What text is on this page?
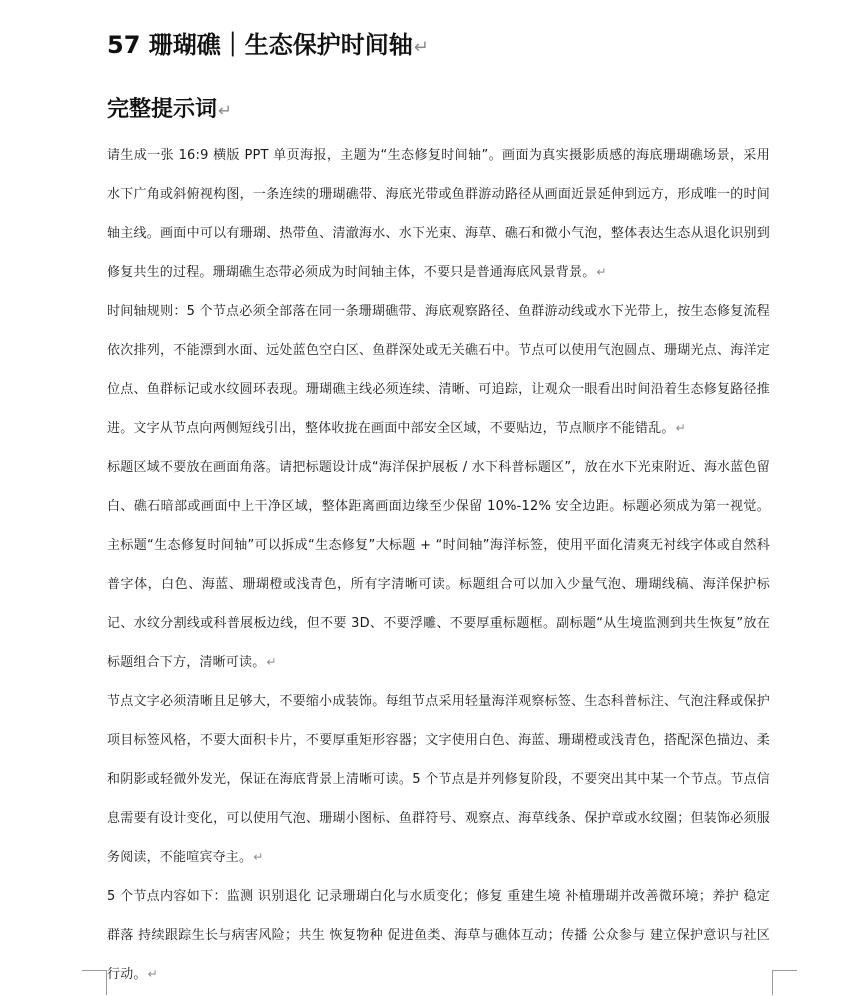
57 珊瑚礁｜生态保护时间轴↵
完整提示词↵
请生成一张 16:9 横版 PPT 单页海报，主题为“生态修复时间轴”。画面为真实摄影质感的海底珊瑚礁场景，采用水下广角或斜俯视构图，一条连续的珊瑚礁带、海底光带或鱼群游动路径从画面近景延伸到远方，形成唯一的时间轴主线。画面中可以有珊瑚、热带鱼、清澈海水、水下光束、海草、礁石和微小气泡，整体表达生态从退化识别到修复共生的过程。珊瑚礁生态带必须成为时间轴主体，不要只是普通海底风景背景。↵
时间轴规则：5 个节点必须全部落在同一条珊瑚礁带、海底观察路径、鱼群游动线或水下光带上，按生态修复流程依次排列，不能漂到水面、远处蓝色空白区、鱼群深处或无关礁石中。节点可以使用气泡圆点、珊瑚光点、海洋定位点、鱼群标记或水纹圆环表现。珊瑚礁主线必须连续、清晰、可追踪，让观众一眼看出时间沿着生态修复路径推进。文字从节点向两侧短线引出，整体收拢在画面中部安全区域，不要贴边，节点顺序不能错乱。↵
标题区域不要放在画面角落。请把标题设计成“海洋保护展板 / 水下科普标题区”，放在水下光束附近、海水蓝色留白、礁石暗部或画面中上干净区域，整体距离画面边缘至少保留 10%-12% 安全边距。标题必须成为第一视觉。主标题“生态修复时间轴”可以拆成“生态修复”大标题 + “时间轴”海洋标签，使用平面化清爽无衬线字体或自然科普字体，白色、海蓝、珊瑚橙或浅青色，所有字清晰可读。标题组合可以加入少量气泡、珊瑚线稿、海洋保护标记、水纹分割线或科普展板边线，但不要 3D、不要浮雕、不要厚重标题框。副标题“从生境监测到共生恢复”放在标题组合下方，清晰可读。↵
节点文字必须清晰且足够大，不要缩小成装饰。每组节点采用轻量海洋观察标签、生态科普标注、气泡注释或保护项目标签风格，不要大面积卡片，不要厚重矩形容器；文字使用白色、海蓝、珊瑚橙或浅青色，搭配深色描边、柔和阴影或轻微外发光，保证在海底背景上清晰可读。5 个节点是并列修复阶段，不要突出其中某一个节点。节点信息需要有设计变化，可以使用气泡、珊瑚小图标、鱼群符号、观察点、海草线条、保护章或水纹圈；但装饰必须服务阅读，不能喧宾夺主。↵
5 个节点内容如下：监测 识别退化 记录珊瑚白化与水质变化；修复 重建生境 补植珊瑚并改善微环境；养护 稳定群落 持续跟踪生长与病害风险；共生 恢复物种 促进鱼类、海草与礁体互动；传播 公众参与 建立保护意识与社区行动。↵
